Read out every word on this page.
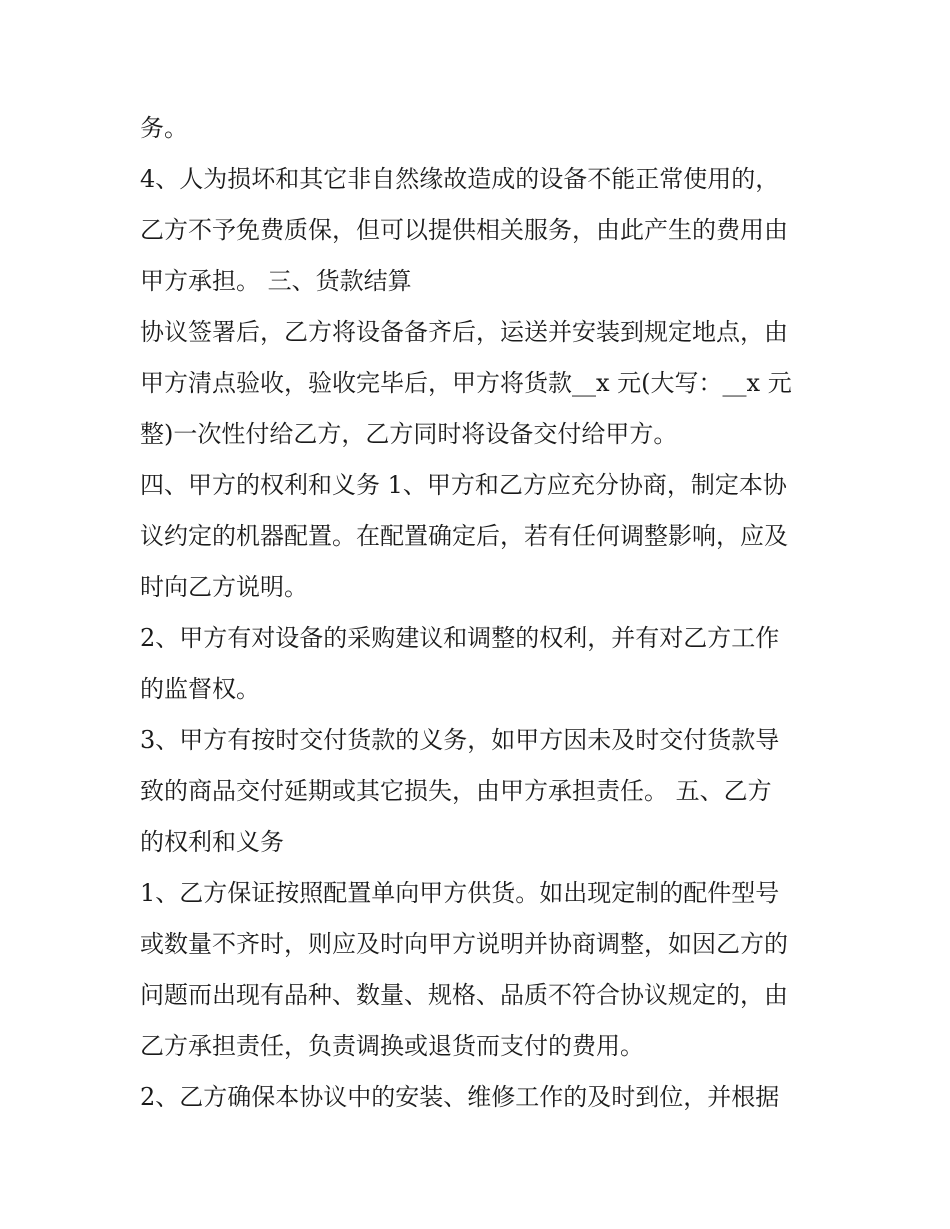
务。
4、人为损坏和其它非自然缘故造成的设备不能正常使用的，
乙方不予免费质保，但可以提供相关服务，由此产生的费用由
甲方承担。 三、货款结算
协议签署后，乙方将设备备齐后，运送并安装到规定地点，由
甲方清点验收，验收完毕后，甲方将货款__x 元(大写：__x 元
整)一次性付给乙方，乙方同时将设备交付给甲方。
四、甲方的权利和义务 1、甲方和乙方应充分协商，制定本协
议约定的机器配置。在配置确定后，若有任何调整影响，应及
时向乙方说明。
2、甲方有对设备的采购建议和调整的权利，并有对乙方工作
的监督权。
3、甲方有按时交付货款的义务，如甲方因未及时交付货款导
致的商品交付延期或其它损失，由甲方承担责任。 五、乙方
的权利和义务
1、乙方保证按照配置单向甲方供货。如出现定制的配件型号
或数量不齐时，则应及时向甲方说明并协商调整，如因乙方的
问题而出现有品种、数量、规格、品质不符合协议规定的，由
乙方承担责任，负责调换或退货而支付的费用。
2、乙方确保本协议中的安装、维修工作的及时到位，并根据
